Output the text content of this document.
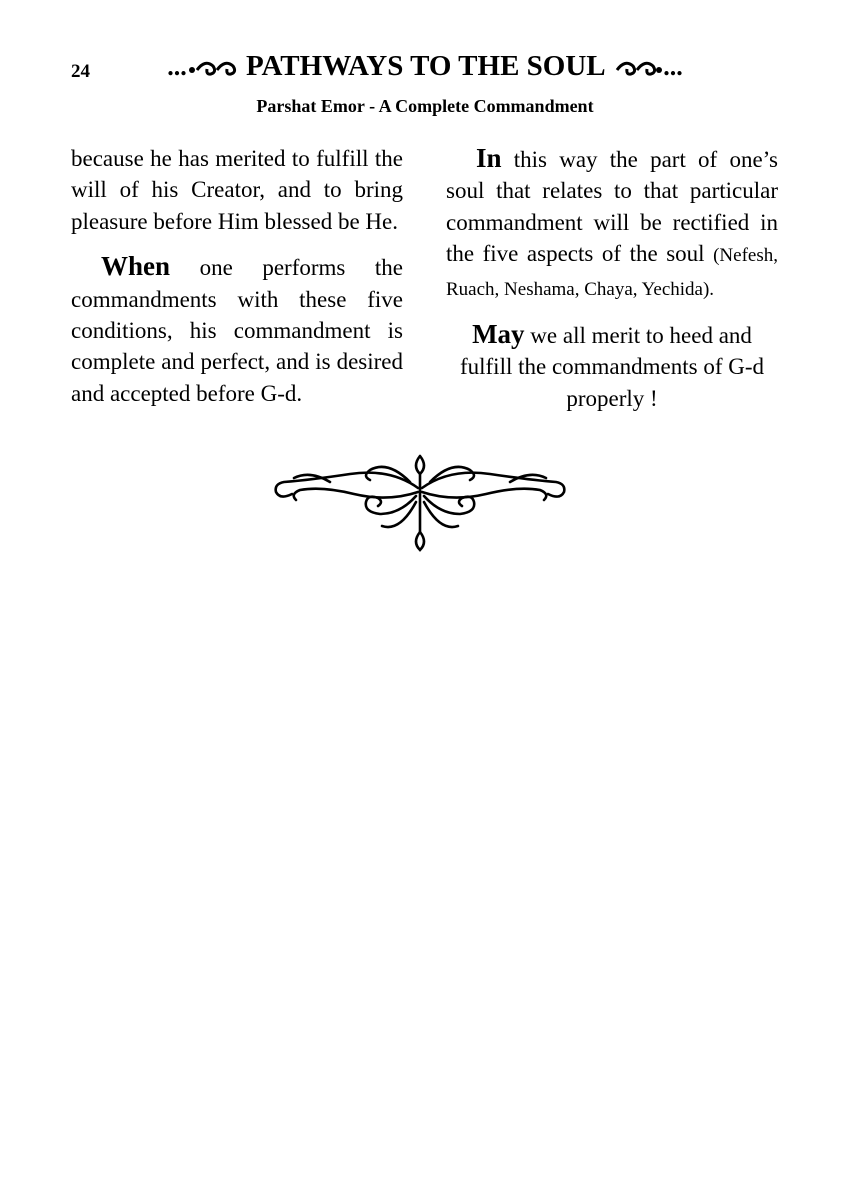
24	... PATHWAYS TO THE SOUL ...
Parshat Emor - A Complete Commandment

because he has merited to fulfill the will of his Creator, and to bring pleasure before Him blessed be He.

When one performs the commandments with these five conditions, his commandment is complete and perfect, and is desired and accepted before G-d.

In this way the part of one’s soul that relates to that particular commandment will be rectified in the five aspects of the soul (Nefesh, Ruach, Neshama, Chaya, Yechida).

May we all merit to heed and fulfill the commandments of G-d properly !
